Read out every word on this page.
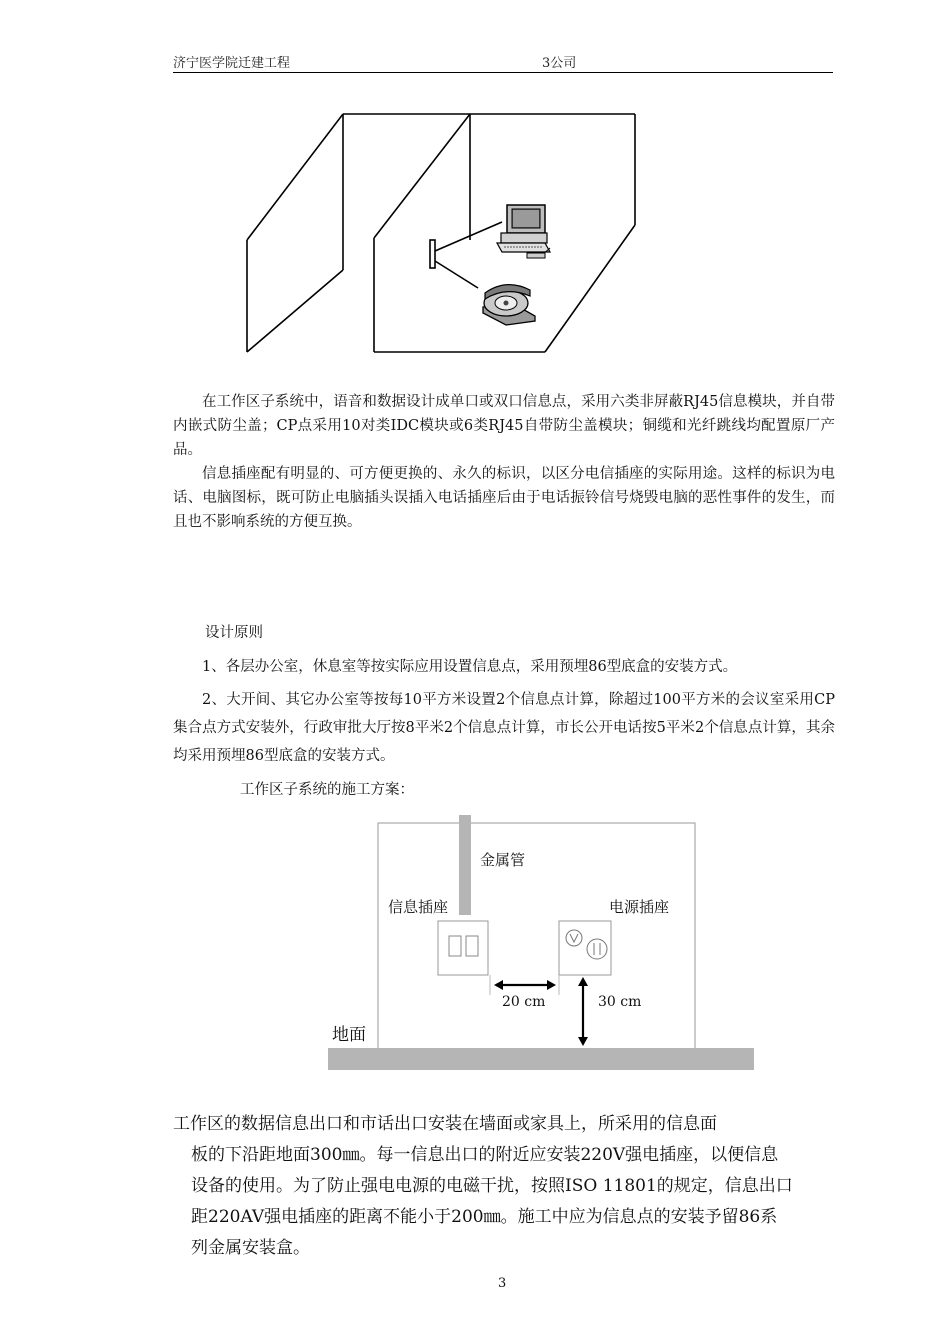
济宁医学院迁建工程	3公司

在工作区子系统中，语音和数据设计成单口或双口信息点，采用六类非屏蔽RJ45信息模块，并自带内嵌式防尘盖；CP点采用10对类IDC模块或6类RJ45自带防尘盖模块；铜缆和光纤跳线均配置原厂产品。

信息插座配有明显的、可方便更换的、永久的标识，以区分电信插座的实际用途。这样的标识为电话、电脑图标，既可防止电脑插头误插入电话插座后由于电话振铃信号烧毁电脑的恶性事件的发生，而且也不影响系统的方便互换。

设计原则

1、各层办公室，休息室等按实际应用设置信息点，采用预埋86型底盒的安装方式。

2、大开间、其它办公室等按每10平方米设置2个信息点计算，除超过100平方米的会议室采用CP集合点方式安装外，行政审批大厅按8平米2个信息点计算，市长公开电话按5平米2个信息点计算，其余均采用预埋86型底盒的安装方式。

工作区子系统的施工方案：
金属管
信息插座	电源插座
20 cm	30 cm
地面

工作区的数据信息出口和市话出口安装在墙面或家具上，所采用的信息面

板的下沿距地面300㎜。每一信息出口的附近应安装220V强电插座，以便信息设备的使用。为了防止强电电源的电磁干扰，按照ISO 11801的规定，信息出口距220AV强电插座的距离不能小于200㎜。施工中应为信息点的安装予留86系列金属安装盒。

3
